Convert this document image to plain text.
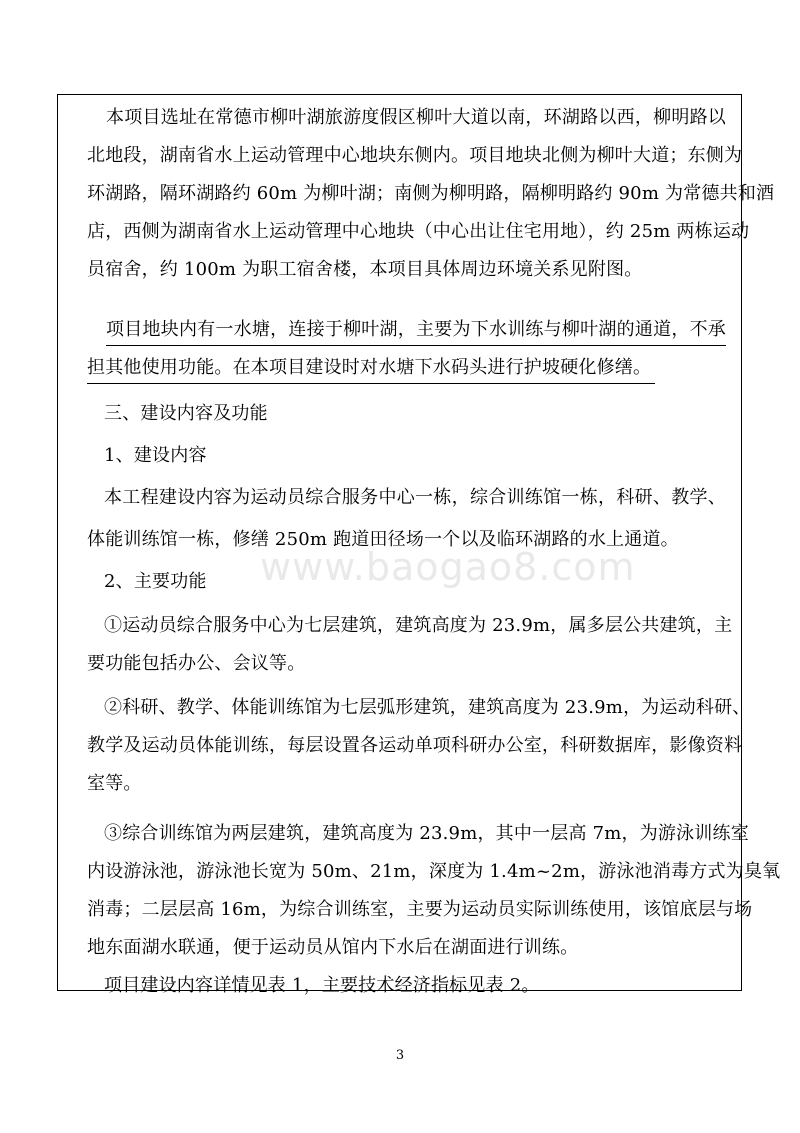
www.baogao8.com
本项目选址在常德市柳叶湖旅游度假区柳叶大道以南，环湖路以西，柳明路以
北地段，湖南省水上运动管理中心地块东侧内。项目地块北侧为柳叶大道；东侧为
环湖路，隔环湖路约 60m 为柳叶湖；南侧为柳明路，隔柳明路约 90m 为常德共和酒
店，西侧为湖南省水上运动管理中心地块（中心出让住宅用地），约 25m 两栋运动
员宿舍，约 100m 为职工宿舍楼，本项目具体周边环境关系见附图。
项目地块内有一水塘，连接于柳叶湖，主要为下水训练与柳叶湖的通道，不承
担其他使用功能。在本项目建设时对水塘下水码头进行护坡硬化修缮。
三、建设内容及功能
1、建设内容
本工程建设内容为运动员综合服务中心一栋，综合训练馆一栋，科研、教学、
体能训练馆一栋，修缮 250m 跑道田径场一个以及临环湖路的水上通道。
2、主要功能
①运动员综合服务中心为七层建筑，建筑高度为 23.9m，属多层公共建筑，主
要功能包括办公、会议等。
②科研、教学、体能训练馆为七层弧形建筑，建筑高度为 23.9m，为运动科研、
教学及运动员体能训练，每层设置各运动单项科研办公室，科研数据库，影像资料
室等。
③综合训练馆为两层建筑，建筑高度为 23.9m，其中一层高 7m，为游泳训练室
内设游泳池，游泳池长宽为 50m、21m，深度为 1.4m~2m，游泳池消毒方式为臭氧
消毒；二层层高 16m，为综合训练室，主要为运动员实际训练使用，该馆底层与场
地东面湖水联通，便于运动员从馆内下水后在湖面进行训练。
项目建设内容详情见表 1，主要技术经济指标见表 2。
3
